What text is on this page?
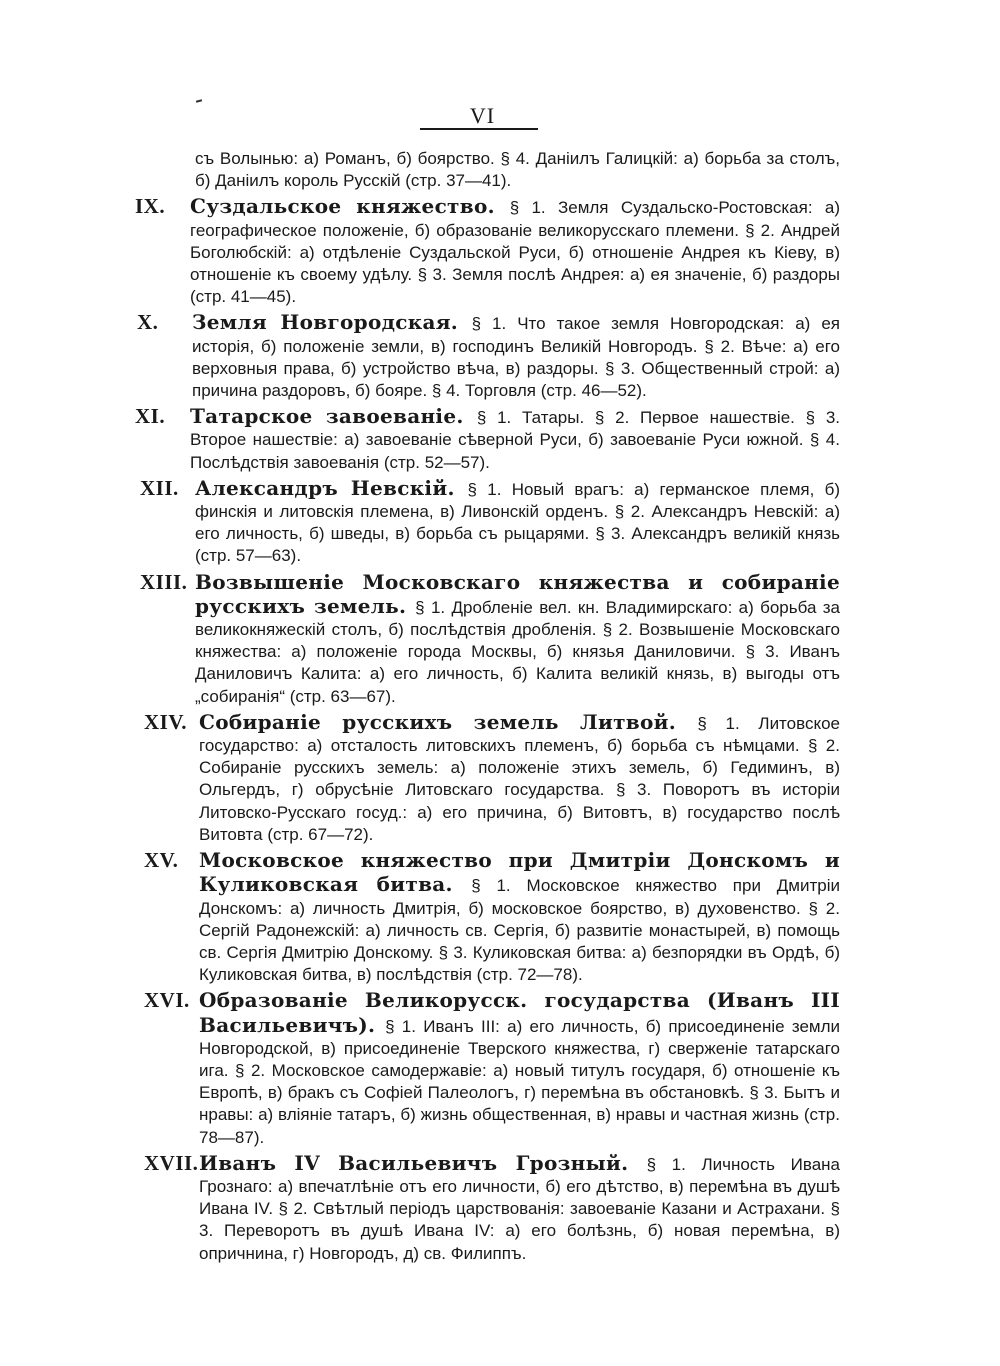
VI
съ Волынью: а) Романъ, б) боярство. § 4. Даніилъ Галицкій: а) борьба за столъ, б) Даніилъ король Русскій (стр. 37—41).
IX.	Суздальское княжество. § 1. Земля Суздальско-Ростовская: а) географическое положеніе, б) образованіе великорусскаго племени. § 2. Андрей Боголюбскій: а) отдѣленіе Суздальской Руси, б) отношеніе Андрея къ Кіеву, в) отношеніе къ своему удѣлу. § 3. Земля послѣ Андрея: а) ея значеніе, б) раздоры (стр. 41—45).
X.	Земля Новгородская. § 1. Что такое земля Новгородская: а) ея исторія, б) положеніе земли, в) господинъ Великій Новгородъ. § 2. Вѣче: а) его верховныя права, б) устройство вѣча, в) раздоры. § 3. Общественный строй: а) причина раздоровъ, б) бояре. § 4. Торговля (стр. 46—52).
XI.	Татарское завоеваніе. § 1. Татары. § 2. Первое нашествіе. § 3. Второе нашествіе: а) завоеваніе сѣверной Руси, б) завоеваніе Руси южной. § 4. Послѣдствія завоеванія (стр. 52—57).
XII. Александръ Невскій. § 1. Новый врагъ: а) германское племя, б) финскія и литовскія племена, в) Ливонскій орденъ. § 2. Александръ Невскій: а) его личность, б) шведы, в) борьба съ рыцарями. § 3. Александръ великій князь (стр. 57—63).
XIII. Возвышеніе Московскаго княжества и собираніе русскихъ земель. § 1. Дробленіе вел. кн. Владимирскаго: а) борьба за великокняжескій столъ, б) послѣдствія дробленія. § 2. Возвышеніе Московскаго княжества: а) положеніе города Москвы, б) князья Даниловичи. § 3. Иванъ Даниловичъ Калита: а) его личность, б) Калита великій князь, в) выгоды отъ „собиранія“ (стр. 63—67).
XIV. Собираніе русскихъ земель Литвой. § 1. Литовское государство: а) отсталость литовскихъ племенъ, б) борьба съ нѣмцами. § 2. Собираніе русскихъ земель: а) положеніе этихъ земель, б) Гедиминъ, в) Ольгердъ, г) обрусѣніе Литовскаго государства. § 3. Поворотъ въ исторіи Литовско-Русскаго госуд.: а) его причина, б) Витовтъ, в) государство послѣ Витовта (стр. 67—72).
XV.	Московское княжество при Дмитріи Донскомъ и Куликовская битва. § 1. Московское княжество при Дмитріи Донскомъ: а) личность Дмитрія, б) московское боярство, в) духовенство. § 2. Сергій Радонежскій: а) личность св. Сергія, б) развитіе монастырей, в) помощь св. Сергія Дмитрію Донскому. § 3. Куликовская битва: а) безпорядки въ Ордѣ, б) Куликовская битва, в) послѣдствія (стр. 72—78).
XVI. Образованіе Великорусск. государства (Иванъ III Васильевичъ). § 1. Иванъ III: а) его личность, б) присоединеніе земли Новгородской, в) присоединеніе Тверского княжества, г) сверженіе татарскаго ига. § 2. Московское самодержавіе: а) новый титулъ государя, б) отношеніе къ Европѣ, в) бракъ съ Софіей Палеологъ, г) перемѣна въ обстановкѣ. § 3. Бытъ и нравы: а) вліяніе татаръ, б) жизнь общественная, в) нравы и частная жизнь (стр. 78—87).
XVII. Иванъ IV Васильевичъ Грозный. § 1. Личность Ивана Грознаго: а) впечатлѣніе отъ его личности, б) его дѣтство, в) перемѣна въ душѣ Ивана IV. § 2. Свѣтлый періодъ царствованія: завоеваніе Казани и Астрахани. § 3. Переворотъ въ душѣ Ивана IV: а) его болѣзнь, б) новая перемѣна, в) опричнина, г) Новгородъ, д) св. Филиппъ.
